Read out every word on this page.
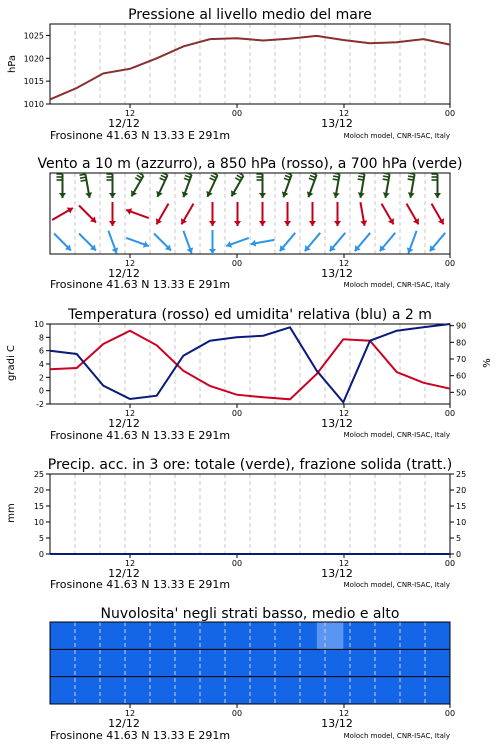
Pressione al livello medio del mare
hPa
Frosinone 41.63 N 13.33 E 291m	Moloch model, CNR-ISAC, Italy
12	00	12	00
12/12	13/12
1010
1015
1020
1025
Vento a 10 m (azzurro), a 850 hPa (rosso), a 700 hPa (verde)
Frosinone 41.63 N 13.33 E 291m	Moloch model, CNR-ISAC, Italy
12	00	12	00
12/12	13/12
Temperatura (rosso) ed umidita' relativa (blu) a 2 m
gradi C	%
Frosinone 41.63 N 13.33 E 291m	Moloch model, CNR-ISAC, Italy
12	00	12	00
12/12	13/12
-2
0
2
4
6
8
10
50
60
70
80
90
Precip. acc. in 3 ore: totale (verde), frazione solida (tratt.)
mm
Frosinone 41.63 N 13.33 E 291m	Moloch model, CNR-ISAC, Italy
12	00	12	00
12/12	13/12
0
5
10
15
20
25
0
5
10
15
20
25
Nuvolosita' negli strati basso, medio e alto
Frosinone 41.63 N 13.33 E 291m	Moloch model, CNR-ISAC, Italy
12	00	12	00
12/12	13/12
